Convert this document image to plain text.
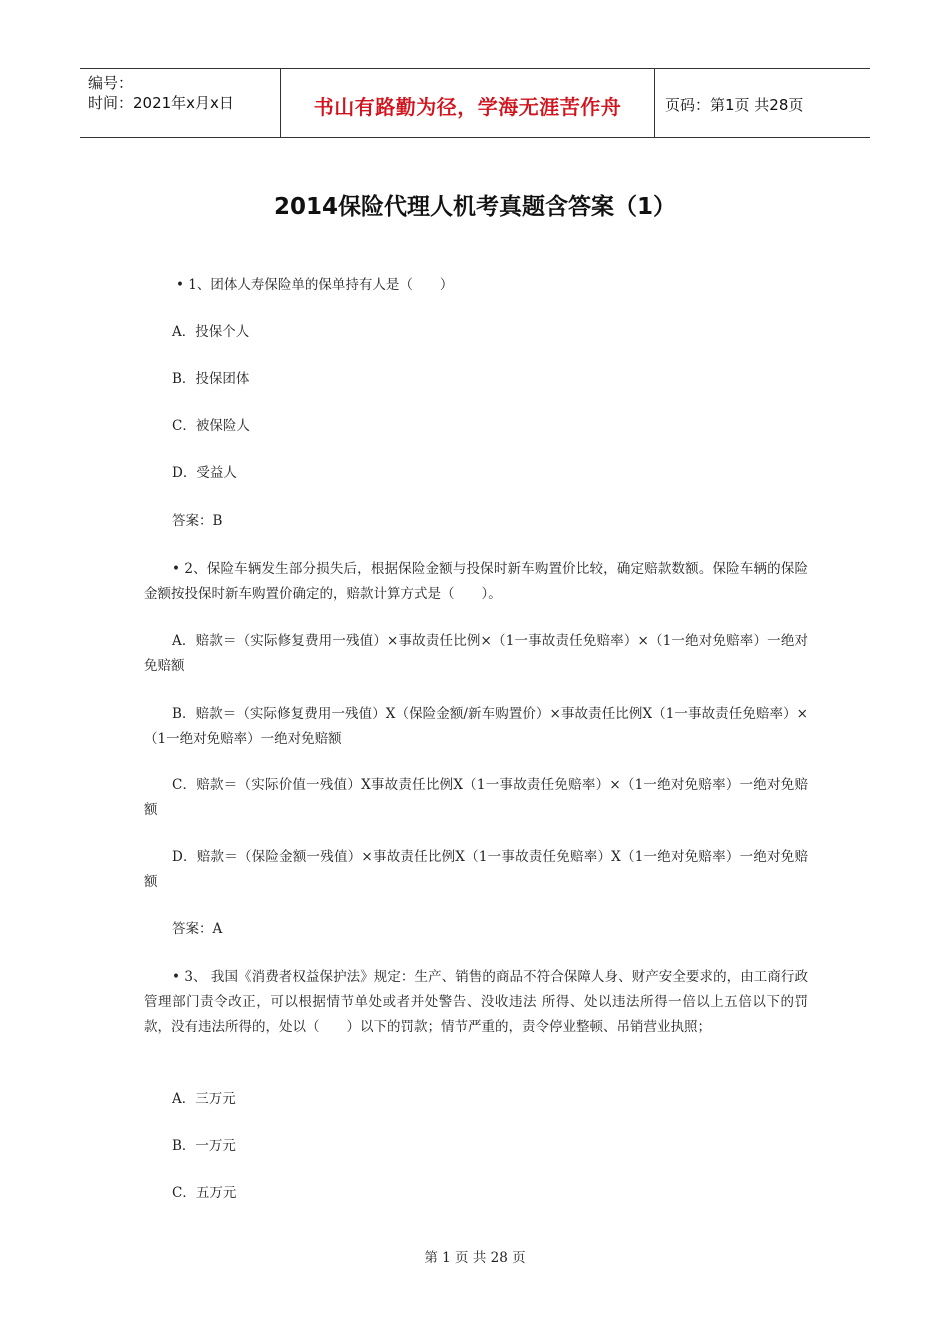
编号：
时间：2021年x月x日	书山有路勤为径，学海无涯苦作舟	页码：第1页 共28页
2014保险代理人机考真题含答案（1）
• 1、团体人寿保险单的保单持有人是（　　）
A．投保个人
B．投保团体
C．被保险人
D．受益人
答案：B
• 2、保险车辆发生部分损失后，根据保险金额与投保时新车购置价比较，确定赔款数额。保险车辆的保险金额按投保时新车购置价确定的，赔款计算方式是（　　）。
A．赔款＝（实际修复费用一残值）×事故责任比例×（1一事故责任免赔率）×（1一绝对免赔率）一绝对免赔额
B．赔款＝（实际修复费用一残值）X（保险金额/新车购置价）×事故责任比例X（1一事故责任免赔率）×（1一绝对免赔率）一绝对免赔额
C．赔款＝（实际价值一残值）X事故责任比例X（1一事故责任免赔率）×（1一绝对免赔率）一绝对免赔额
D．赔款＝（保险金额一残值）×事故责任比例X（1一事故责任免赔率）X（1一绝对免赔率）一绝对免赔额
答案：A
• 3、 我国《消费者权益保护法》规定：生产、销售的商品不符合保障人身、财产安全要求的，由工商行政管理部门责令改正，可以根据情节单处或者并处警告、没收违法 所得、处以违法所得一倍以上五倍以下的罚款，没有违法所得的，处以（　　）以下的罚款；情节严重的，责令停业整顿、吊销营业执照；
A．三万元
B．一万元
C．五万元
第 1 页 共 28 页
